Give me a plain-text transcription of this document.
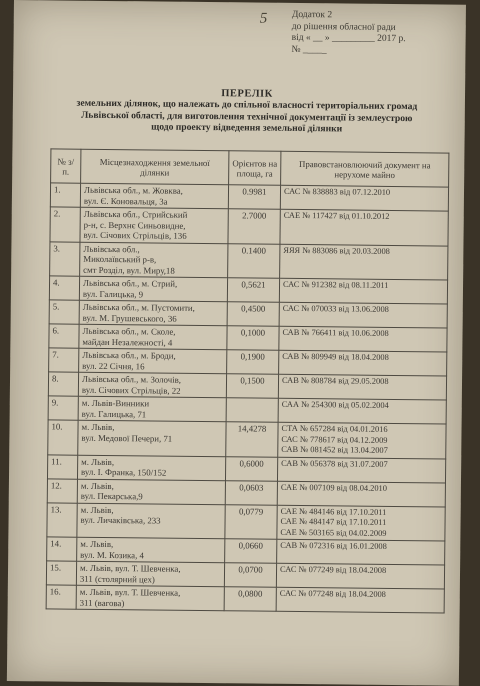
5	Додаток 2
до рішення обласної ради
від « __ » _________ 2017 р.
№ _____
ПЕРЕЛІК
земельних ділянок, що належать до спільної власності територіальних громад
Львівської області, для виготовлення технічної документації із землеустрою
щодо проекту відведення земельної ділянки
№ з/п.	Місцезнаходження земельної ділянки	Орієнтов на площа, га	Правовстановлюючий документ на нерухоме майно
1.	Львівська обл., м. Жовква,
вул. Є. Коновальця, 3а	0.9981	САС № 838883 від 07.12.2010

2.	Львівська обл., Стрийський
р-н, с. Верхнє Синьовидне,
вул. Січових Стрільців, 136	2.7000	САЕ № 117427 від 01.10.2012

3.	Львівська обл.,
Миколаївський р-в,
смт Розділ, вул. Миру,18	0.1400	ЯЯЯ № 883086 від 20.03.2008

4.	Львівська обл., м. Стрий,
вул. Галицька, 9	0,5621	САС № 912382 від 08.11.2011

5.	Львівська обл., м. Пустомити,
вул. М. Грушевського, 36	0,4500	САС № 070033 від 13.06.2008

6.	Львівська обл., м. Сколе,
майдан Незалежності, 4	0,1000	САВ № 766411 від 10.06.2008

7.	Львівська обл., м. Броди,
вул. 22 Січня, 16	0,1900	САВ № 809949 від 18.04.2008

8.	Львівська обл., м. Золочів,
вул. Січових Стрільців, 22	0,1500	САВ № 808784 від 29.05.2008

9.	м. Львів-Винники
вул. Галицька, 71		САА № 254300 від 05.02.2004

10.	м. Львів,
вул. Медової Печери, 71	14,4278	СТА № 657284 від 04.01.2016
САС № 778617 від 04.12.2009
САВ № 081452 від 13.04.2007

11.	м. Львів,
вул. І. Франка, 150/152	0,6000	САВ № 056378 від 31.07.2007

12.	м. Львів,
вул. Пекарська,9	0,0603	САЕ № 007109 від 08.04.2010

13.	м. Львів,
вул. Личаківська, 233	0,0779	САЕ № 484146 від 17.10.2011
САЕ № 484147 від 17.10.2011
САЕ № 503165 від 04.02.2009

14.	м. Львів,
вул. М. Козика, 4	0,0660	САВ № 072316 від 16.01.2008

15.	м. Львів, вул. Т. Шевченка,
311 (столярний цех)	0,0700	САС № 077249 від 18.04.2008

16.	м. Львів, вул. Т. Шевченка,
311 (вагова)	0,0800	САС № 077248 від 18.04.2008
